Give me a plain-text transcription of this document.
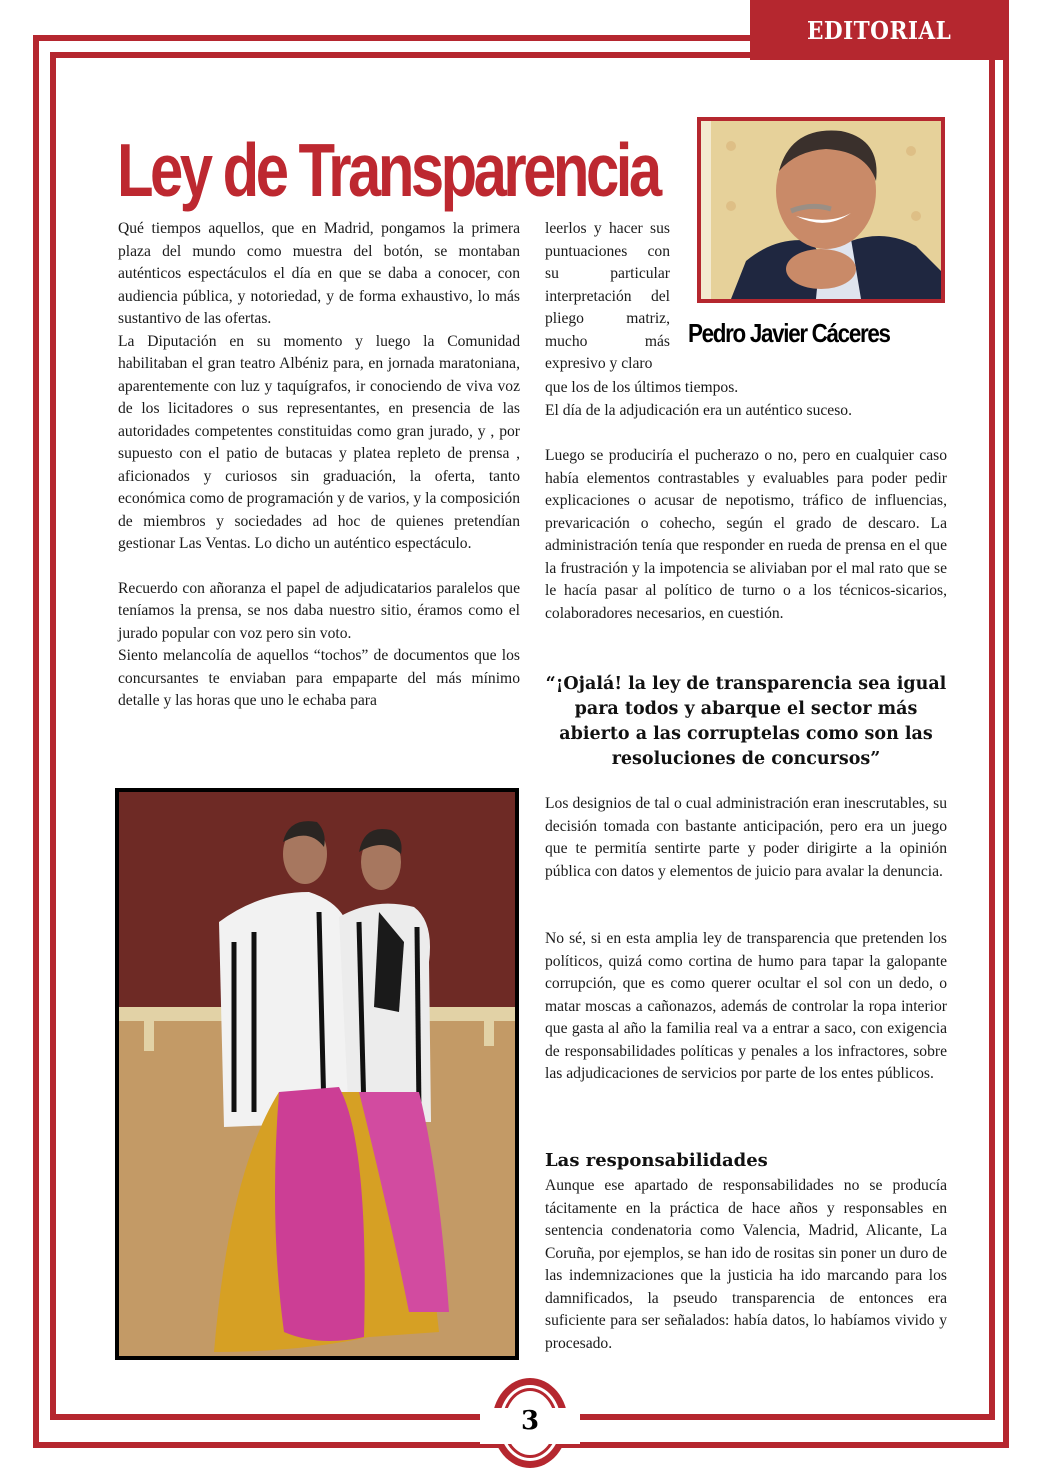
EDITORIAL
Ley de Transparencia

Pedro Javier Cáceres

Qué tiempos aquellos, que en Madrid, pongamos la primera plaza del mundo como muestra del botón, se montaban auténticos espectáculos el día en que se daba a conocer, con audiencia pública, y notoriedad, y de forma exhaustivo, lo más sustantivo de las ofertas.

La Diputación en su momento y luego la Comunidad habilitaban el gran teatro Albéniz para, en jornada maratoniana, aparentemente con luz y taquígrafos, ir conociendo de viva voz de los licitadores o sus representantes, en presencia de las autoridades competentes constituidas como gran jurado, y , por supuesto con el patio de butacas y platea repleto de prensa , aficionados y curiosos sin graduación, la oferta, tanto económica como de programación y de varios, y la composición de miembros y sociedades ad hoc de quienes pretendían gestionar Las Ventas. Lo dicho un auténtico espectáculo.

Recuerdo con añoranza el papel de adjudicatarios paralelos que teníamos la prensa, se nos daba nuestro sitio, éramos como el jurado popular con voz pero sin voto.

Siento melancolía de aquellos “tochos” de documentos que los concursantes te enviaban para empaparte del más mínimo detalle y las horas que uno le echaba para

leerlos y hacer sus puntuaciones con su particular interpretación del pliego matriz, mucho más expresivo y claro

que los de los últimos tiempos.

El día de la adjudicación era un auténtico suceso.

Luego se produciría el pucherazo o no, pero en cualquier caso había elementos contrastables y evaluables para poder pedir explicaciones o acusar de nepotismo, tráfico de influencias, prevaricación o cohecho, según el grado de descaro. La administración tenía que responder en rueda de prensa en el que la frustración y la impotencia se aliviaban por el mal rato que se le hacía pasar al político de turno o a los técnicos-sicarios, colaboradores necesarios, en cuestión.

“¡Ojalá! la ley de transparencia sea igual para todos y abarque el sector más abierto a las corruptelas como son las resoluciones de concursos”

Los designios de tal o cual administración eran inescrutables, su decisión tomada con bastante anticipación, pero era un juego que te permitía sentirte parte y poder dirigirte a la opinión pública con datos y elementos de juicio para avalar la denuncia.

No sé, si en esta amplia ley de transparencia que pretenden los políticos, quizá como cortina de humo para tapar la galopante corrupción, que es como querer ocultar el sol con un dedo, o matar moscas a cañonazos, además de controlar la ropa interior que gasta al año la familia real va a entrar a saco, con exigencia de responsabilidades políticas y penales a los infractores, sobre las adjudicaciones de servicios por parte de los entes públicos.

Las responsabilidades

Aunque ese apartado de responsabilidades no se producía tácitamente en la práctica de hace años y responsables en sentencia condenatoria como Valencia, Madrid, Alicante, La Coruña, por ejemplos, se han ido de rositas sin poner un duro de las indemnizaciones que la justicia ha ido marcando para los damnificados, la pseudo transparencia de entonces era suficiente para ser señalados: había datos, lo habíamos vivido y procesado.

3
